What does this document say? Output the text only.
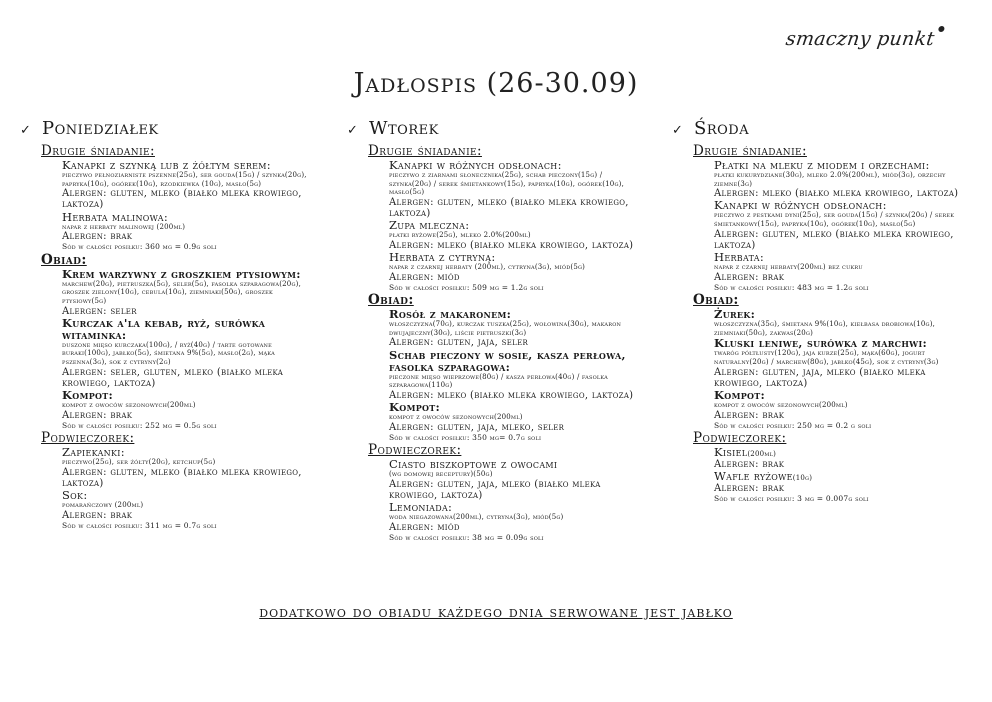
smaczny punkt
Jadłospis (26-30.09)
✓ Poniedziałek
Drugie śniadanie:
Kanapki z szynką lub z żółtym serem:
pieczywo pełnoziarniste pszenne(25g), ser gouda(15g) / szynka(20g), papryka(10g), ogórek(10g), rzodkiewka (10g), masło(5g)
Alergen: gluten, mleko (białko mleka krowiego, laktoza)
Herbata malinowa:
napar z herbaty malinowej (200ml)
Alergen: brak
Sód w całości posiłku: 360 mg = 0.9g soli
Obiad:
Krem warzywny z groszkiem ptysiowym:
marchew(20g), pietruszka(5g), seler(5g), fasolka szparagowa(20g), groszek zielony(10g), cebula(10g), ziemniaki(50g), groszek ptysiowy(5g)
Alergen: seler
Kurczak a'la kebab, ryż, surówka witaminka:
duszone mięso kurczaka(100g), / ryż(40g) / tarte gotowane buraki(100g), jabłko(5g), śmietana 9%(5g), masło(2g), mąka pszenna(3g), sok z cytryny(2g)
Alergen: seler, gluten, mleko (białko mleka krowiego, laktoza)
Kompot:
kompot z owoców sezonowych(200ml)
Alergen: brak
Sód w całości posiłku: 252 mg = 0.5g soli
Podwieczorek:
Zapiekanki:
pieczywo(25g), ser żółty(20g), ketchup(5g)
Alergen: gluten, mleko (białko mleka krowiego, laktoza)
Sok:
pomarańczowy (200ml)
Alergen: brak
Sód w całości posiłku: 311 mg = 0.7g soli
✓ Wtorek
Drugie śniadanie:
Kanapki w różnych odsłonach:
pieczywo z ziarnami słonecznika(25g), schab pieczony(15g) / szynka(20g) / serek śmietankowy(15g), papryka(10g), ogórek(10g), masło(5g)
Alergen: gluten, mleko (białko mleka krowiego, laktoza)
Zupa mleczna:
płatki ryżowe(25g), mleko 2.0%(200ml)
Alergen: mleko (białko mleka krowiego, laktoza)
Herbata z cytryną:
napar z czarnej herbaty (200ml), cytryna(3g), miód(5g)
Alergen: miód
Sód w całości posiłku: 509 mg = 1.2g soli
Obiad:
Rosół z makaronem:
włoszczyzna(70g), kurczak tuszka(25g), wołowina(30g), makaron dwujajeczny(30g), liście pietruszki(3g)
Alergen: gluten, jaja, seler
Schab pieczony w sosie, kasza perłowa, fasolka szparagowa:
pieczone mięso wieprzowe(80g) / kasza perłowa(40g) / fasolka szparagowa(110g)
Alergen: mleko (białko mleka krowiego, laktoza)
Kompot:
kompot z owoców sezonowych(200ml)
Alergen: gluten, jaja, mleko, seler
Sód w całości posiłku: 350 mg= 0.7g soli
Podwieczorek:
Ciasto biszkoptowe z owocami
(wg domowej receptury)(50g)
Alergen: gluten, jaja, mleko (białko mleka krowiego, laktoza)
Lemoniada:
woda niegazowana(200ml), cytryna(3g), miód(5g)
Alergen: miód
Sód w całości posiłku: 38 mg = 0.09g soli
✓ Środa
Drugie śniadanie:
Płatki na mleku z miodem i orzechami:
płatki kukurydziane(30g), mleko 2.0%(200ml), miód(3g), orzechy ziemne(3g)
Alergen: mleko (białko mleka krowiego, laktoza)
Kanapki w różnych odsłonach:
pieczywo z pestkami dyni(25g), ser gouda(15g) / szynka(20g) / serek śmietankowy(15g), papryka(10g), ogórek(10g), masło(5g)
Alergen: gluten, mleko (białko mleka krowiego, laktoza)
Herbata:
napar z czarnej herbaty(200ml) bez cukru
Alergen: brak
Sód w całości posiłku: 483 mg = 1.2g soli
Obiad:
Żurek:
włoszczyzna(35g), śmietana 9%(10g), kiełbasa drobiowa(10g), ziemniaki(50g), zakwas(20g)
Kluski leniwe, surówka z marchwi:
twaróg półtłusty(120g), jaja kurze(25g), mąka(60g), jogurt naturalny(20g) / marchew(80g), jabłko(45g), sok z cytryny(3g)
Alergen: gluten, jaja, mleko (białko mleka krowiego, laktoza)
Kompot:
kompot z owoców sezonowych(200ml)
Alergen: brak
Sód w całości posiłku: 250 mg = 0.2 g soli
Podwieczorek:
Kisiel(200ml)
Alergen: brak
Wafle ryżowe(10g)
Alergen: brak
Sód w całości posiłku: 3 mg = 0.007g soli
dodatkowo do obiadu każdego dnia serwowane jest jabłko
